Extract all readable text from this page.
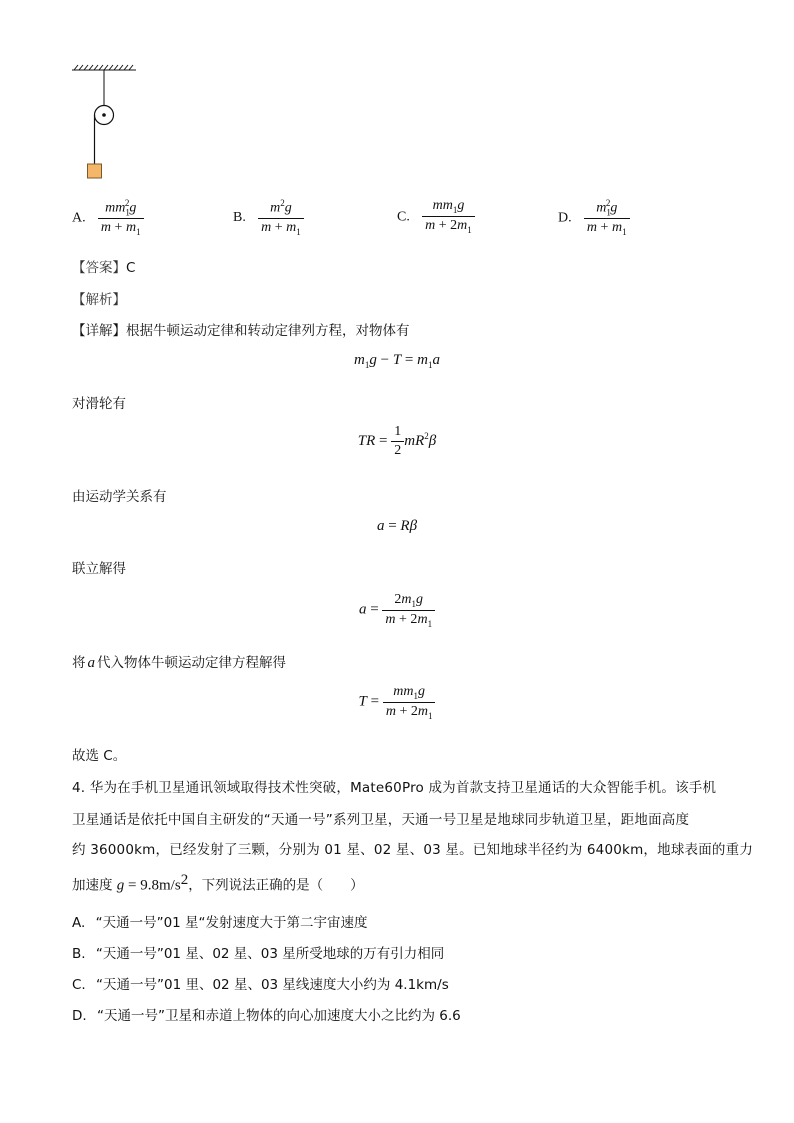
A. $\frac{mm_1^2g}{m + m_1}$	B. $\frac{m^2g}{m + m_1}$	C. $\frac{mm_1g}{m + 2m_1}$	D. $\frac{m_1^2g}{m + m_1}$
【答案】C
【解析】
【详解】根据牛顿运动定律和转动定律列方程，对物体有
$m_1g - T = m_1a$
对滑轮有
TR = $\frac{1}{2} mR^2\beta$
由运动学关系有
a = Rβ
联立解得
$a = \frac{2m_1g}{m + 2m_1}$
将 a 代入物体牛顿运动定律方程解得
$T = \frac{mm_1g}{m + 2m_1}$
故选 C。
4. 华为在手机卫星通讯领域取得技术性突破，Mate60Pro 成为首款支持卫星通话的大众智能手机。该手机
卫星通话是依托中国自主研发的“天通一号”系列卫星，天通一号卫星是地球同步轨道卫星，距地面高度
约 36000km，已经发射了三颗，分别为 01 星、02 星、03 星。已知地球半径约为 6400km，地球表面的重力
加速度 $g = 9.8m/s^2$，下列说法正确的是（　　）
A. “天通一号”01 星“发射速度大于第二宇宙速度
B. “天通一号”01 星、02 星、03 星所受地球的万有引力相同
C. “天通一号”01 里、02 星、03 星线速度大小约为 4.1km/s
D. “天通一号”卫星和赤道上物体的向心加速度大小之比约为 6.6
